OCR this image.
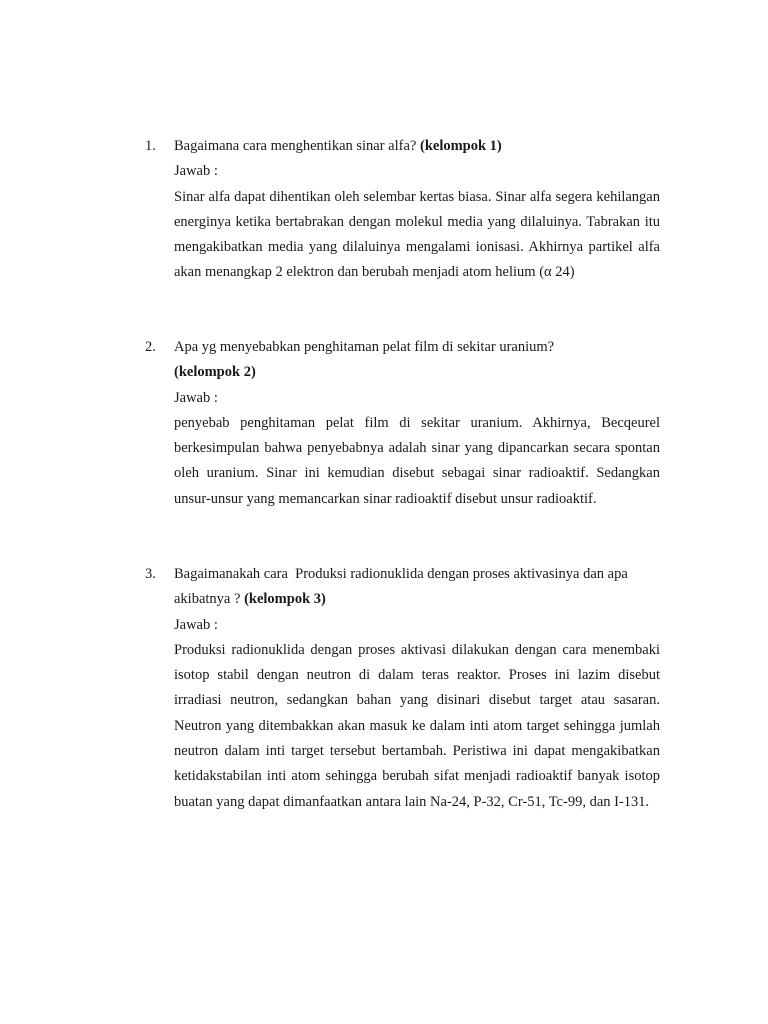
1.	Bagaimana cara menghentikan sinar alfa? (kelompok 1)
Jawab :
Sinar alfa dapat dihentikan oleh selembar kertas biasa. Sinar alfa segera kehilangan energinya ketika bertabrakan dengan molekul media yang dilaluinya. Tabrakan itu mengakibatkan media yang dilaluinya mengalami ionisasi. Akhirnya partikel alfa akan menangkap 2 elektron dan berubah menjadi atom helium (α 24)
2.	Apa yg menyebabkan penghitaman pelat film di sekitar uranium?
(kelompok 2)
Jawab :
penyebab penghitaman pelat film di sekitar uranium. Akhirnya, Becqeurel berkesimpulan bahwa penyebabnya adalah sinar yang dipancarkan secara spontan oleh uranium. Sinar ini kemudian disebut sebagai sinar radioaktif. Sedangkan unsur-unsur yang memancarkan sinar radioaktif disebut unsur radioaktif.
3.	Bagaimanakah cara  Produksi radionuklida dengan proses aktivasinya dan apa
akibatnya ? (kelompok 3)
Jawab :
Produksi radionuklida dengan proses aktivasi dilakukan dengan cara menembaki isotop stabil dengan neutron di dalam teras reaktor. Proses ini lazim disebut irradiasi neutron, sedangkan bahan yang disinari disebut target atau sasaran. Neutron yang ditembakkan akan masuk ke dalam inti atom target sehingga jumlah neutron dalam inti target tersebut bertambah. Peristiwa ini dapat mengakibatkan ketidakstabilan inti atom sehingga berubah sifat menjadi radioaktif banyak isotop buatan yang dapat dimanfaatkan antara lain Na-24, P-32, Cr-51, Tc-99, dan I-131.
